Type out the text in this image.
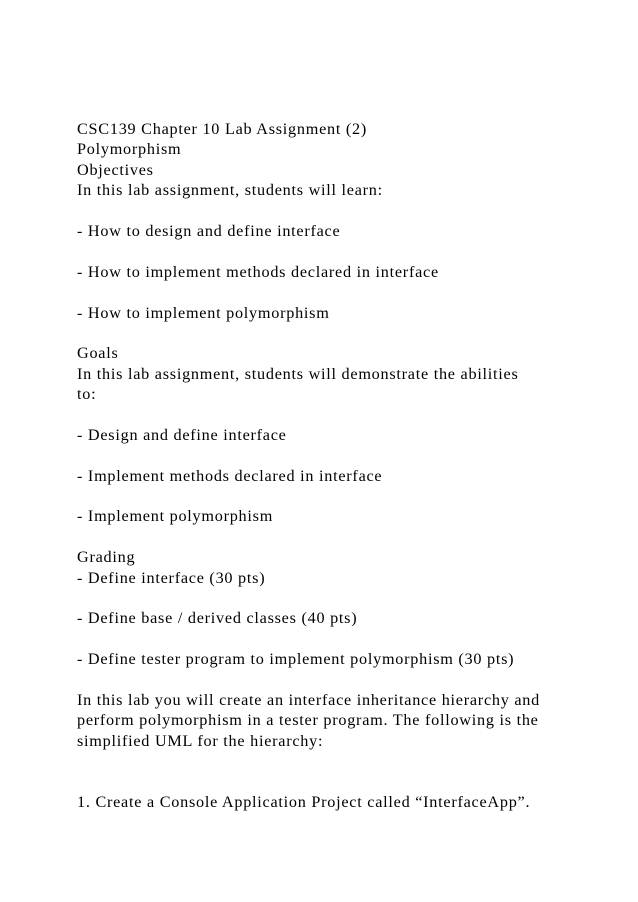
CSC139 Chapter 10 Lab Assignment (2)
Polymorphism
Objectives
In this lab assignment, students will learn:
- How to design and define interface
- How to implement methods declared in interface
- How to implement polymorphism
Goals
In this lab assignment, students will demonstrate the abilities
to:
- Design and define interface
- Implement methods declared in interface
- Implement polymorphism
Grading
- Define interface (30 pts)
- Define base / derived classes (40 pts)
- Define tester program to implement polymorphism (30 pts)
In this lab you will create an interface inheritance hierarchy and
perform polymorphism in a tester program. The following is the
simplified UML for the hierarchy:
1. Create a Console Application Project called “InterfaceApp”.
